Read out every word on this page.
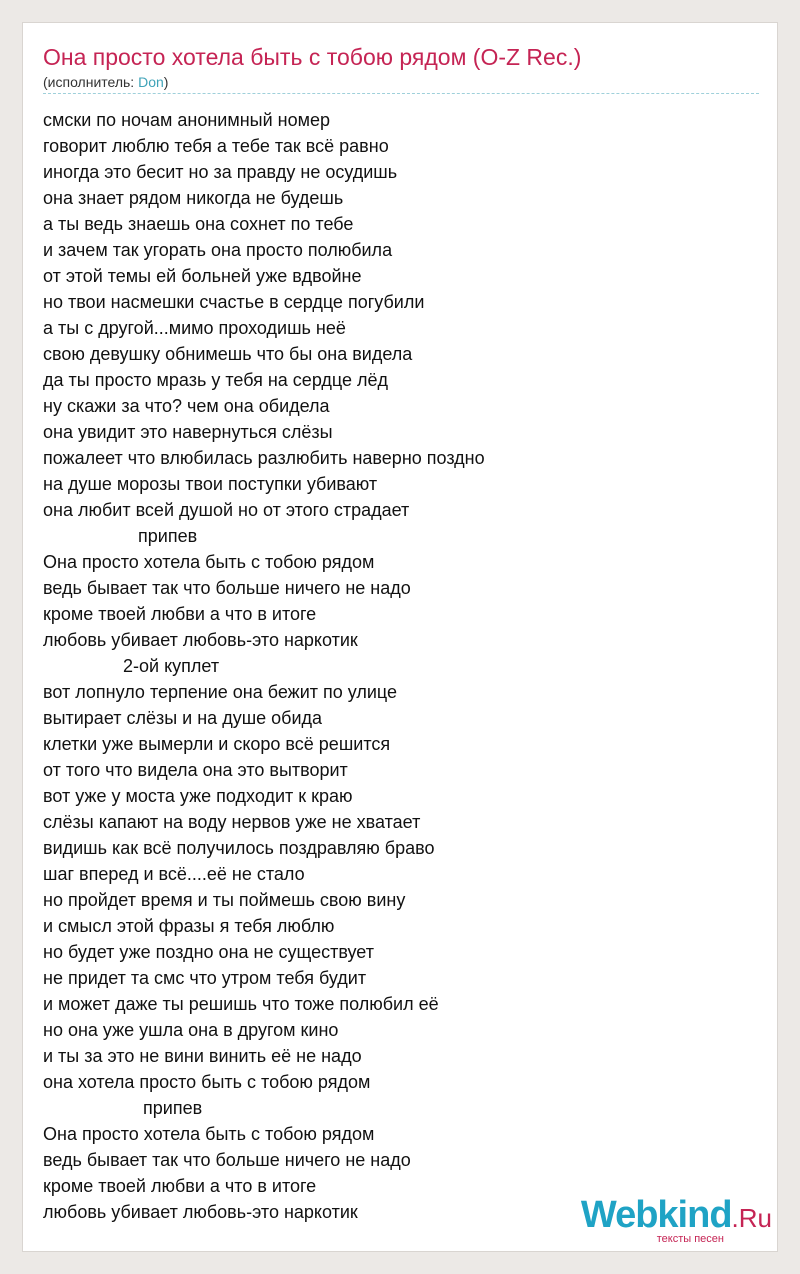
Она просто хотела быть с тобою рядом (O-Z Rec.)
(исполнитель: Don)
смски по ночам анонимный номер
говорит люблю тебя а тебе так всё равно
иногда это бесит но за правду не осудишь
она знает рядом никогда не будешь
а ты ведь знаешь она сохнет по тебе
и зачем так угорать она просто полюбила
от этой темы ей больней уже вдвойне
но твои насмешки счастье в сердце погубили
а ты с другой...мимо проходишь неё
свою девушку обнимешь что бы она видела
да ты просто мразь у тебя на сердце лёд
ну скажи за что? чем она обидела
она увидит это навернуться слёзы
пожалеет что влюбилась разлюбить наверно поздно
на душе морозы твои поступки убивают
она любит всей душой но от этого страдает
припев
Она просто хотела быть с тобою рядом
ведь бывает так что больше ничего не надо
кроме твоей любви а что в итоге
любовь убивает любовь-это наркотик
2-ой куплет
вот лопнуло терпение она бежит по улице
вытирает слёзы и на душе обида
клетки уже вымерли и скоро всё решится
от того что видела она это вытворит
вот уже у моста уже подходит к краю
слёзы капают на воду нервов уже не хватает
видишь как всё получилось поздравляю браво
шаг вперед и всё....её не стало
но пройдет время и ты поймешь свою вину
и смысл этой фразы я тебя люблю
но будет уже поздно она не существует
не придет та смс что утром тебя будит
и может даже ты решишь что тоже полюбил её
но она уже ушла она в другом кино
и ты за это не вини винить её не надо
она хотела просто быть с тобою рядом
припев
Она просто хотела быть с тобою рядом
ведь бывает так что больше ничего не надо
кроме твоей любви а что в итоге
любовь убивает любовь-это наркотик	Webkind.Ru
тексты песен
